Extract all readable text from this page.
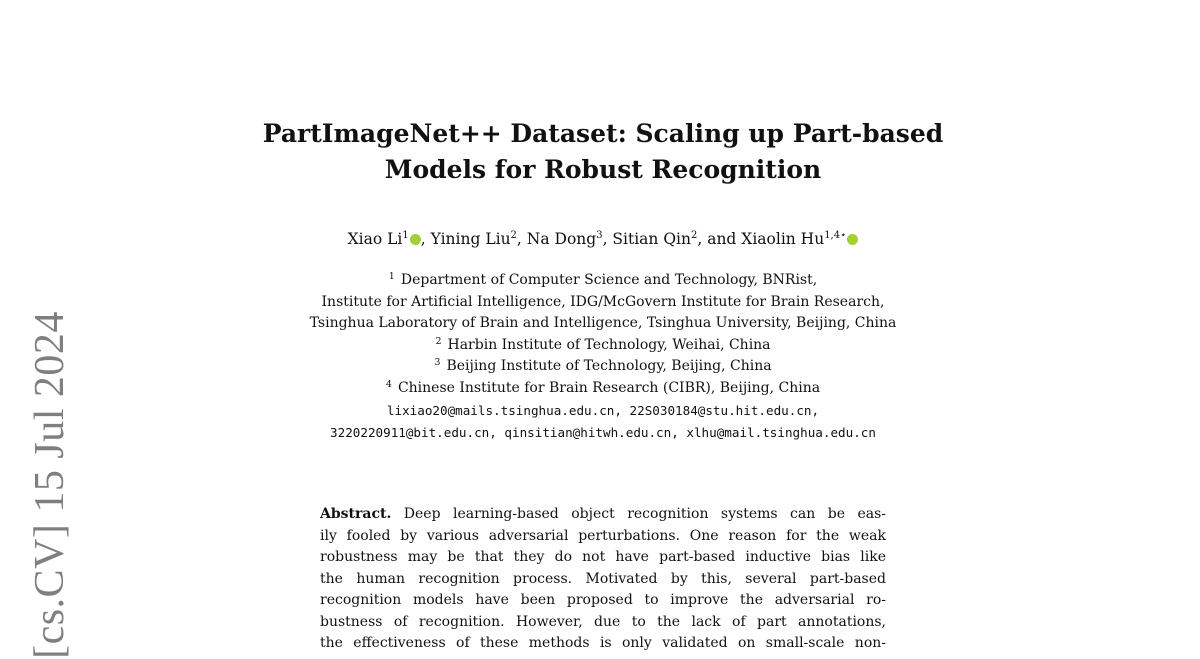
[cs.CV] 15 Jul 2024
PartImageNet++ Dataset: Scaling up Part-based
Models for Robust Recognition
Xiao Li$^1$ , Yining Liu$^2$, Na Dong$^3$, Sitian Qin$^2$, and Xiaolin $Hu^{1,4⋆}$
$^1$ Department of Computer Science and Technology, BNRist,
Institute for Artificial Intelligence, IDG/McGovern Institute for Brain Research,
Tsinghua Laboratory of Brain and Intelligence, Tsinghua University, Beijing, China
$^2$ Harbin Institute of Technology, Weihai, China
$^3$ Beijing Institute of Technology, Beijing, China
$^4$ Chinese Institute for Brain Research (CIBR), Beijing, China
lixiao20@mails.tsinghua.edu.cn, 22S030184@stu.hit.edu.cn,
3220220911@bit.edu.cn, qinsitian@hitwh.edu.cn, xlhu@mail.tsinghua.edu.cn
Abstract. Deep learning-based object recognition systems can be eas-
ily fooled by various adversarial perturbations. One reason for the weak
robustness may be that they do not have part-based inductive bias like
the human recognition process. Motivated by this, several part-based
recognition models have been proposed to improve the adversarial ro-
bustness of recognition. However, due to the lack of part annotations,
the effectiveness of these methods is only validated on small-scale non-
